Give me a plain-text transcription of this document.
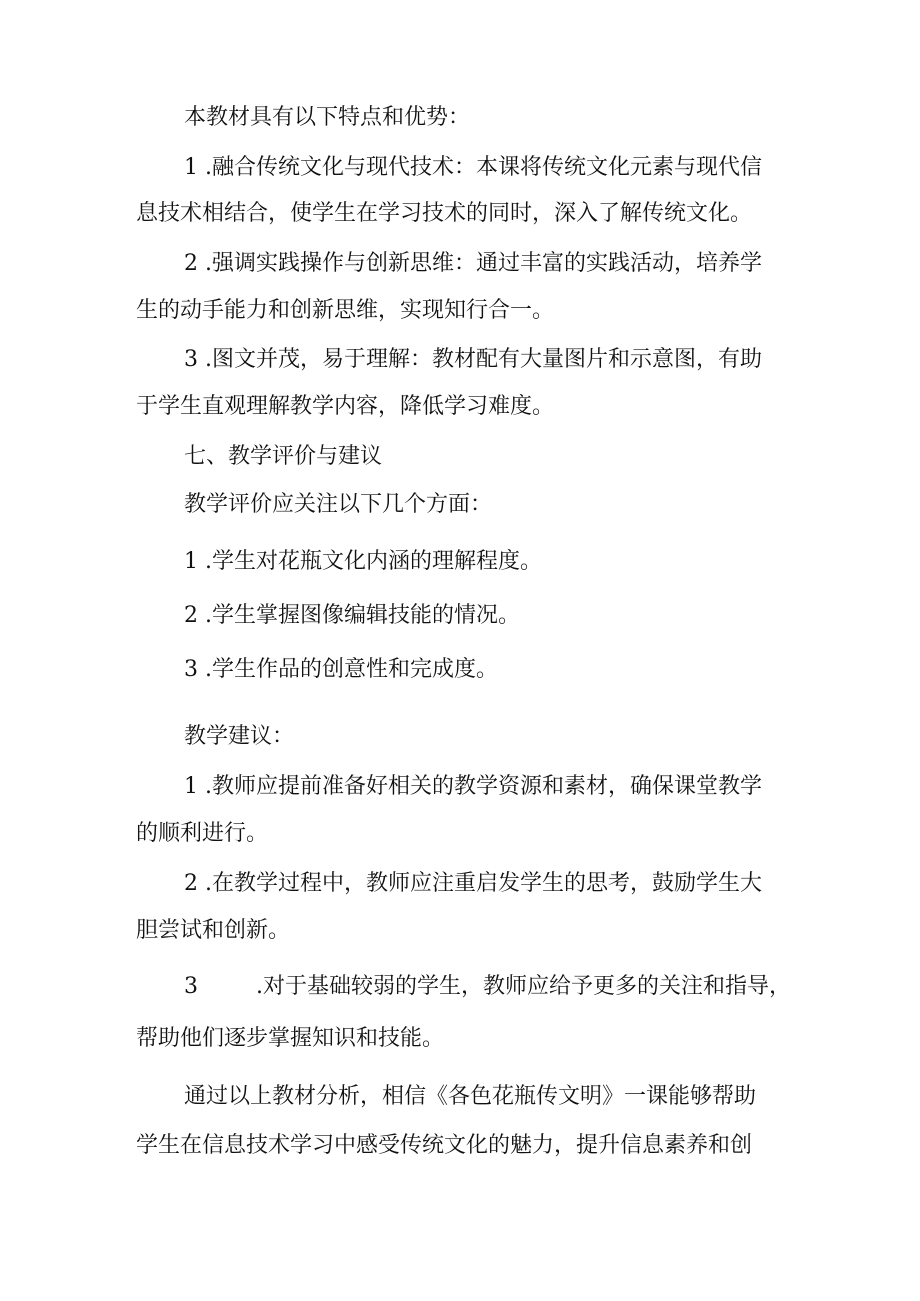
本教材具有以下特点和优势：
1 .融合传统文化与现代技术：本课将传统文化元素与现代信
息技术相结合，使学生在学习技术的同时，深入了解传统文化。
2 .强调实践操作与创新思维：通过丰富的实践活动，培养学
生的动手能力和创新思维，实现知行合一。
3 .图文并茂，易于理解：教材配有大量图片和示意图，有助
于学生直观理解教学内容，降低学习难度。
七、教学评价与建议
教学评价应关注以下几个方面：
1 .学生对花瓶文化内涵的理解程度。
2 .学生掌握图像编辑技能的情况。
3 .学生作品的创意性和完成度。
教学建议：
1 .教师应提前准备好相关的教学资源和素材，确保课堂教学
的顺利进行。
2 .在教学过程中，教师应注重启发学生的思考，鼓励学生大
胆尝试和创新。
3	.对于基础较弱的学生，教师应给予更多的关注和指导，
帮助他们逐步掌握知识和技能。
通过以上教材分析，相信《各色花瓶传文明》一课能够帮助
学生在信息技术学习中感受传统文化的魅力，提升信息素养和创
